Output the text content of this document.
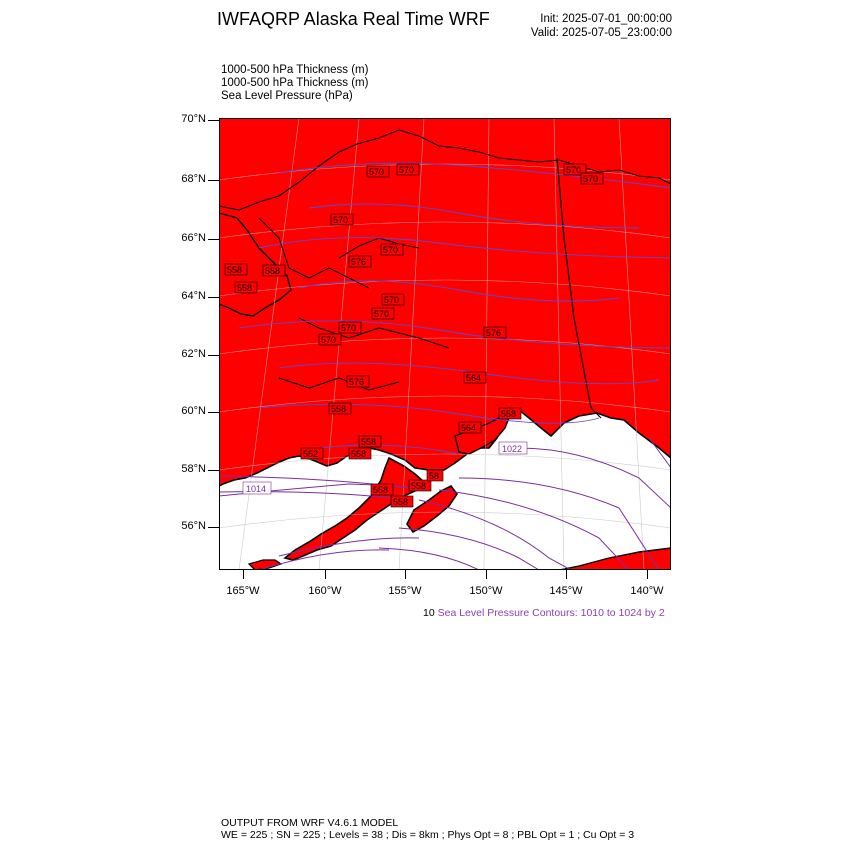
IWFAQRP Alaska Real Time WRF	Init: 2025-07-01_00:00:00
Valid: 2025-07-05_23:00:00
1000-500 hPa Thickness (m)
1000-500 hPa Thickness (m)
Sea Level Pressure (hPa)
570 570	570
570
570
570
576
570
558
558
558
570
570	576
570
564
576
558
564
558
552
558
558
558	558
558
58
1014
1022
70°N
68°N
66°N
64°N
62°N
60°N
58°N
56°N
165°W	160°W	155°W	150°W	145°W	140°W
10 Sea Level Pressure Contours: 1010 to 1024 by 2
OUTPUT FROM WRF V4.6.1 MODEL
WE = 225 ; SN = 225 ; Levels = 38 ; Dis = 8km ; Phys Opt = 8 ; PBL Opt = 1 ; Cu Opt = 3
